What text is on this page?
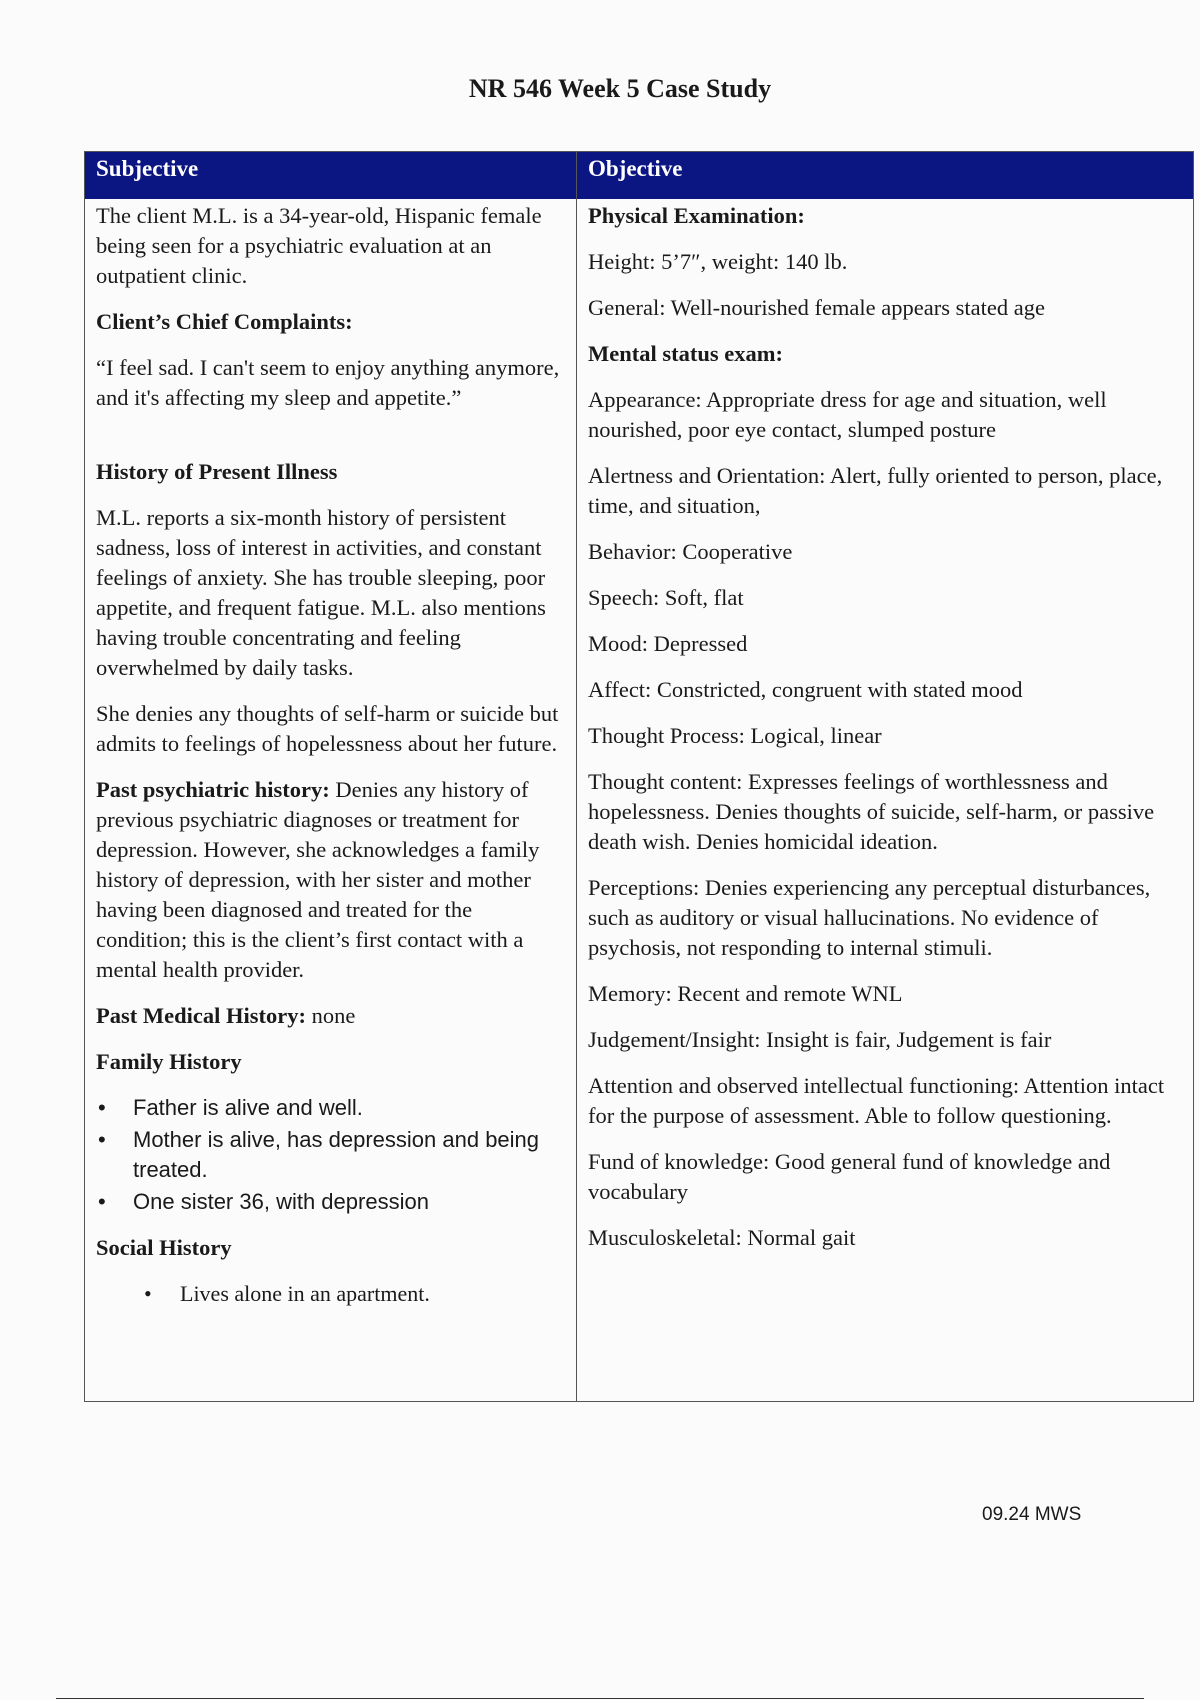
NR 546 Week 5 Case Study
Subjective

The client M.L. is a 34-year-old, Hispanic female being seen for a psychiatric evaluation at an outpatient clinic.

Client’s Chief Complaints:

“I feel sad. I can't seem to enjoy anything anymore, and it's affecting my sleep and appetite.”

History of Present Illness

M.L. reports a six-month history of persistent sadness, loss of interest in activities, and constant feelings of anxiety. She has trouble sleeping, poor appetite, and frequent fatigue. M.L. also mentions having trouble concentrating and feeling overwhelmed by daily tasks.

She denies any thoughts of self-harm or suicide but admits to feelings of hopelessness about her future.

Past psychiatric history: Denies any history of previous psychiatric diagnoses or treatment for depression. However, she acknowledges a family history of depression, with her sister and mother having been diagnosed and treated for the condition; this is the client’s first contact with a mental health provider.

Past Medical History: none

Family History

• Father is alive and well.
• Mother is alive, has depression and being treated.
• One sister 36, with depression

Social History

• Lives alone in an apartment.
Objective

Physical Examination:

Height: 5’7″, weight: 140 lb.

General: Well-nourished female appears stated age

Mental status exam:

Appearance: Appropriate dress for age and situation, well nourished, poor eye contact, slumped posture

Alertness and Orientation: Alert, fully oriented to person, place, time, and situation,

Behavior: Cooperative

Speech: Soft, flat

Mood: Depressed

Affect: Constricted, congruent with stated mood

Thought Process: Logical, linear

Thought content: Expresses feelings of worthlessness and hopelessness. Denies thoughts of suicide, self-harm, or passive death wish. Denies homicidal ideation.

Perceptions: Denies experiencing any perceptual disturbances, such as auditory or visual hallucinations. No evidence of psychosis, not responding to internal stimuli.

Memory: Recent and remote WNL

Judgement/Insight: Insight is fair, Judgement is fair

Attention and observed intellectual functioning: Attention intact for the purpose of assessment. Able to follow questioning.

Fund of knowledge: Good general fund of knowledge and vocabulary

Musculoskeletal: Normal gait

09.24 MWS
